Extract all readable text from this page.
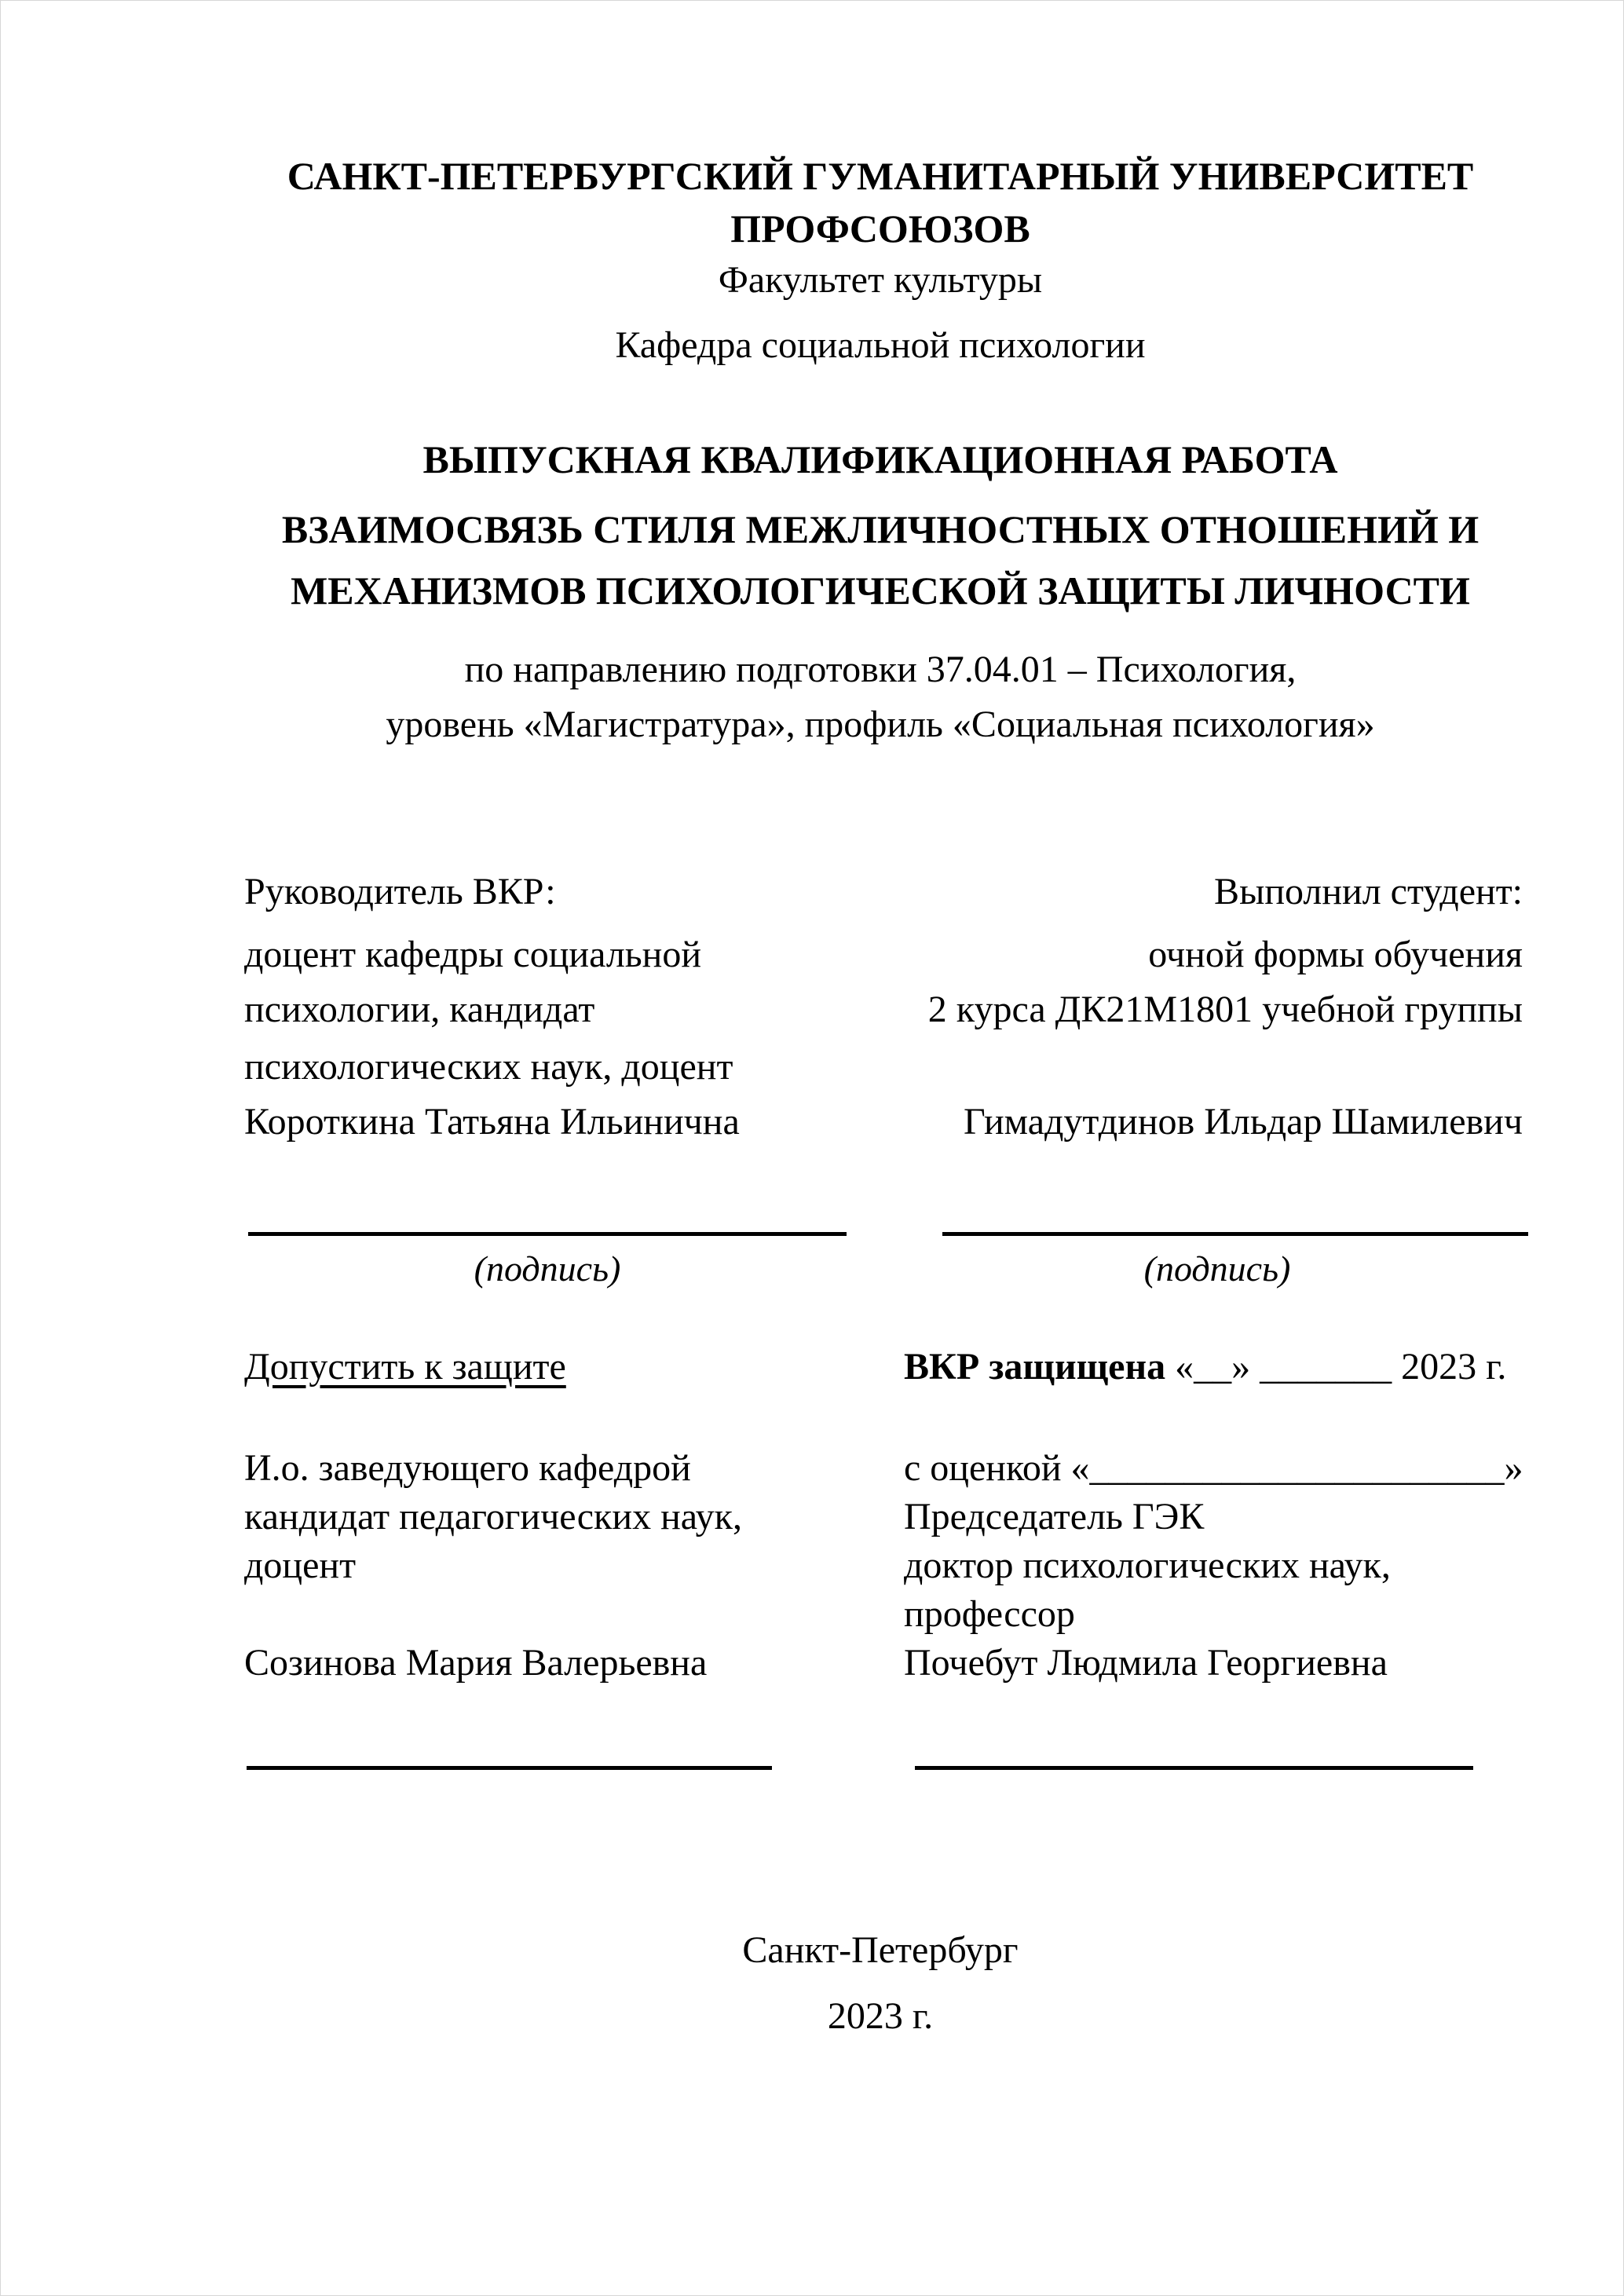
САНКТ-ПЕТЕРБУРГСКИЙ ГУМАНИТАРНЫЙ УНИВЕРСИТЕТ
ПРОФСОЮЗОВ
Факультет культуры
Кафедра социальной психологии
ВЫПУСКНАЯ КВАЛИФИКАЦИОННАЯ РАБОТА
ВЗАИМОСВЯЗЬ СТИЛЯ МЕЖЛИЧНОСТНЫХ ОТНОШЕНИЙ И
МЕХАНИЗМОВ ПСИХОЛОГИЧЕСКОЙ ЗАЩИТЫ ЛИЧНОСТИ
по направлению подготовки 37.04.01 – Психология,
уровень «Магистратура», профиль «Социальная психология»
Руководитель ВКР:
доцент кафедры социальной
психологии, кандидат
психологических наук, доцент
Короткина Татьяна Ильинична
Выполнил студент:
очной формы обучения
2 курса ДК21М1801 учебной группы
Гимадутдинов Ильдар Шамилевич
(подпись)	(подпись)
Допустить к защите	ВКР защищена «__» _______ 2023 г.
И.о. заведующего кафедрой
кандидат педагогических наук,
доцент
Созинова Мария Валерьевна
с оценкой «______________________»
Председатель ГЭК
доктор психологических наук,
профессор
Почебут Людмила Георгиевна
Санкт-Петербург
2023 г.
